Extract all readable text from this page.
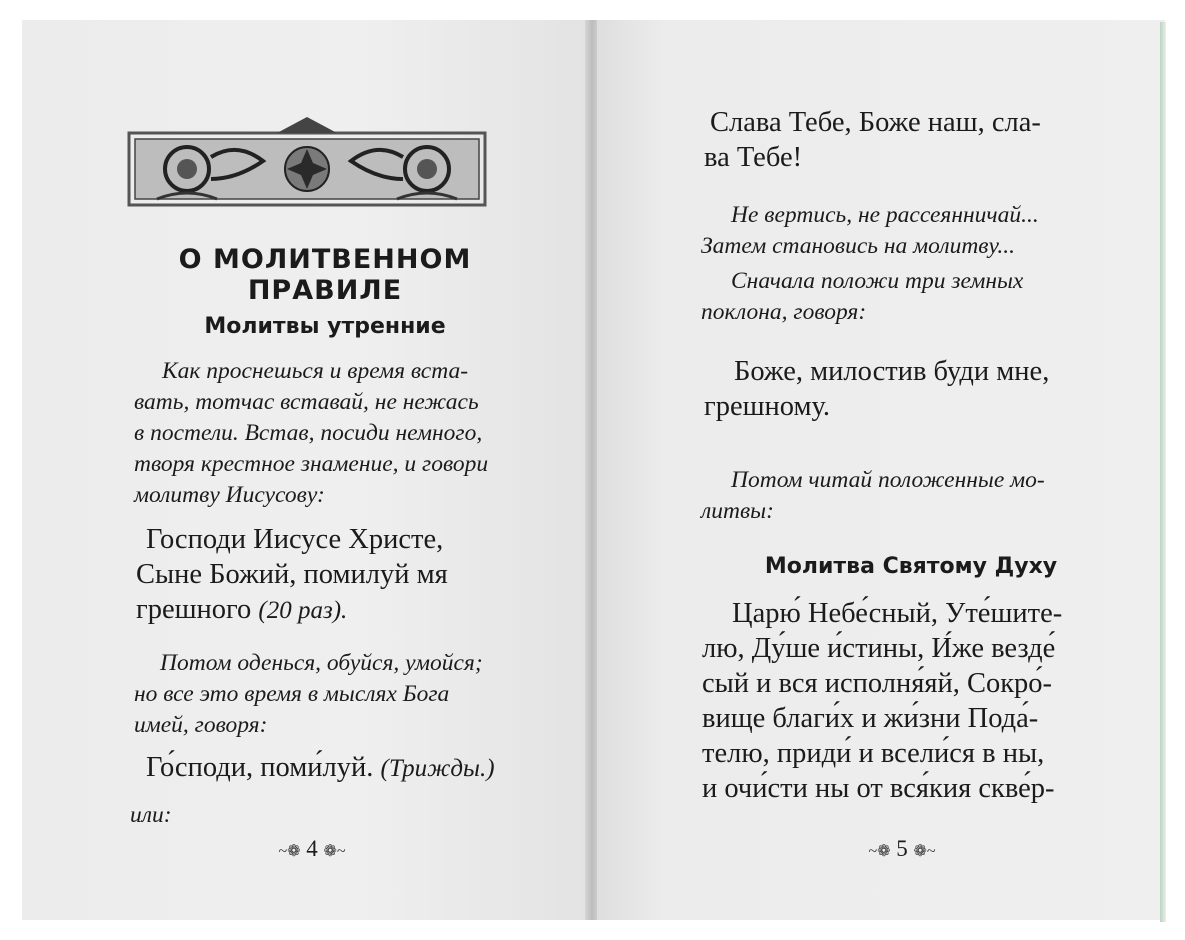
О МОЛИТВЕННОМ ПРАВИЛЕ
Молитвы утренние
Как проснешься и время вста-
вать, тотчас вставай, не нежась
в постели. Встав, посиди немного,
творя крестное знамение, и говори
молитву Иисусову:
Господи Иисусе Христе,
Сыне Божий, помилуй мя
грешного (20 раз).
Потом оденься, обуйся, умойся;
но все это время в мыслях Бога
имей, говоря:
Го́споди, поми́луй. (Трижды.)
или:
~❁ 4 ❁~
Слава Тебе, Боже наш, сла-
ва Тебе!
Не вертись, не рассеянничай...
Затем становись на молитву...
Сначала положи три земных
поклона, говоря:
Боже, милостив буди мне,
грешному.
Потом читай положенные мо-
литвы:
Молитва Святому Духу
Царю́ Небе́сный, Уте́шите-
лю, Ду́ше и́стины, И́же везде́
сый и вся исполня́яй, Сокро́-
вище благи́х и жи́зни Пода́-
телю, приди́ и всели́ся в ны,
и очи́сти ны от вся́кия скве́р-
~❁ 5 ❁~
